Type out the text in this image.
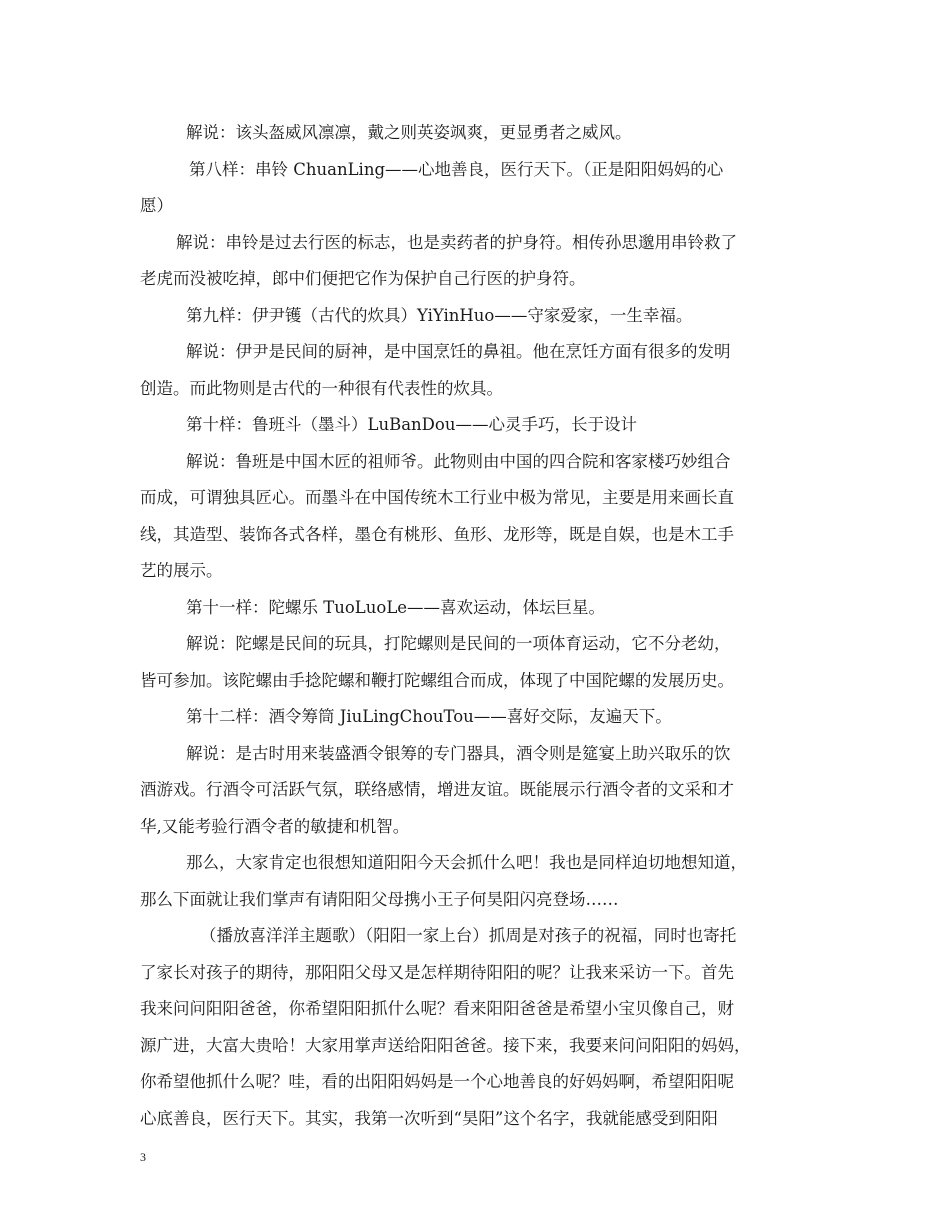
解说：该头盔威风凛凛，戴之则英姿飒爽，更显勇者之威风。
第八样：串铃 ChuanLing——心地善良，医行天下。（正是阳阳妈妈的心
愿）
解说：串铃是过去行医的标志，也是卖药者的护身符。相传孙思邈用串铃救了
老虎而没被吃掉，郎中们便把它作为保护自己行医的护身符。
第九样：伊尹镬（古代的炊具）YiYinHuo——守家爱家，一生幸福。
解说：伊尹是民间的厨神，是中国烹饪的鼻祖。他在烹饪方面有很多的发明
创造。而此物则是古代的一种很有代表性的炊具。
第十样：鲁班斗（墨斗）LuBanDou——心灵手巧，长于设计
解说：鲁班是中国木匠的祖师爷。此物则由中国的四合院和客家楼巧妙组合
而成，可谓独具匠心。而墨斗在中国传统木工行业中极为常见，主要是用来画长直
线，其造型、装饰各式各样，墨仓有桃形、鱼形、龙形等，既是自娱，也是木工手
艺的展示。
第十一样：陀螺乐 TuoLuoLe——喜欢运动，体坛巨星。
解说：陀螺是民间的玩具，打陀螺则是民间的一项体育运动，它不分老幼，
皆可参加。该陀螺由手捻陀螺和鞭打陀螺组合而成，体现了中国陀螺的发展历史。
第十二样：酒令筹筒 JiuLingChouTou——喜好交际，友遍天下。
解说：是古时用来装盛酒令银筹的专门器具，酒令则是筵宴上助兴取乐的饮
酒游戏。行酒令可活跃气氛，联络感情，增进友谊。既能展示行酒令者的文采和才
华,又能考验行酒令者的敏捷和机智。
那么，大家肯定也很想知道阳阳今天会抓什么吧！我也是同样迫切地想知道，
那么下面就让我们掌声有请阳阳父母携小王子何昊阳闪亮登场……
（播放喜洋洋主题歌）（阳阳一家上台）抓周是对孩子的祝福，同时也寄托
了家长对孩子的期待，那阳阳父母又是怎样期待阳阳的呢？让我来采访一下。首先
我来问问阳阳爸爸，你希望阳阳抓什么呢？看来阳阳爸爸是希望小宝贝像自己，财
源广进，大富大贵哈！大家用掌声送给阳阳爸爸。接下来，我要来问问阳阳的妈妈，
你希望他抓什么呢？哇，看的出阳阳妈妈是一个心地善良的好妈妈啊，希望阳阳呢
心底善良，医行天下。其实，我第一次听到“昊阳”这个名字，我就能感受到阳阳
3
